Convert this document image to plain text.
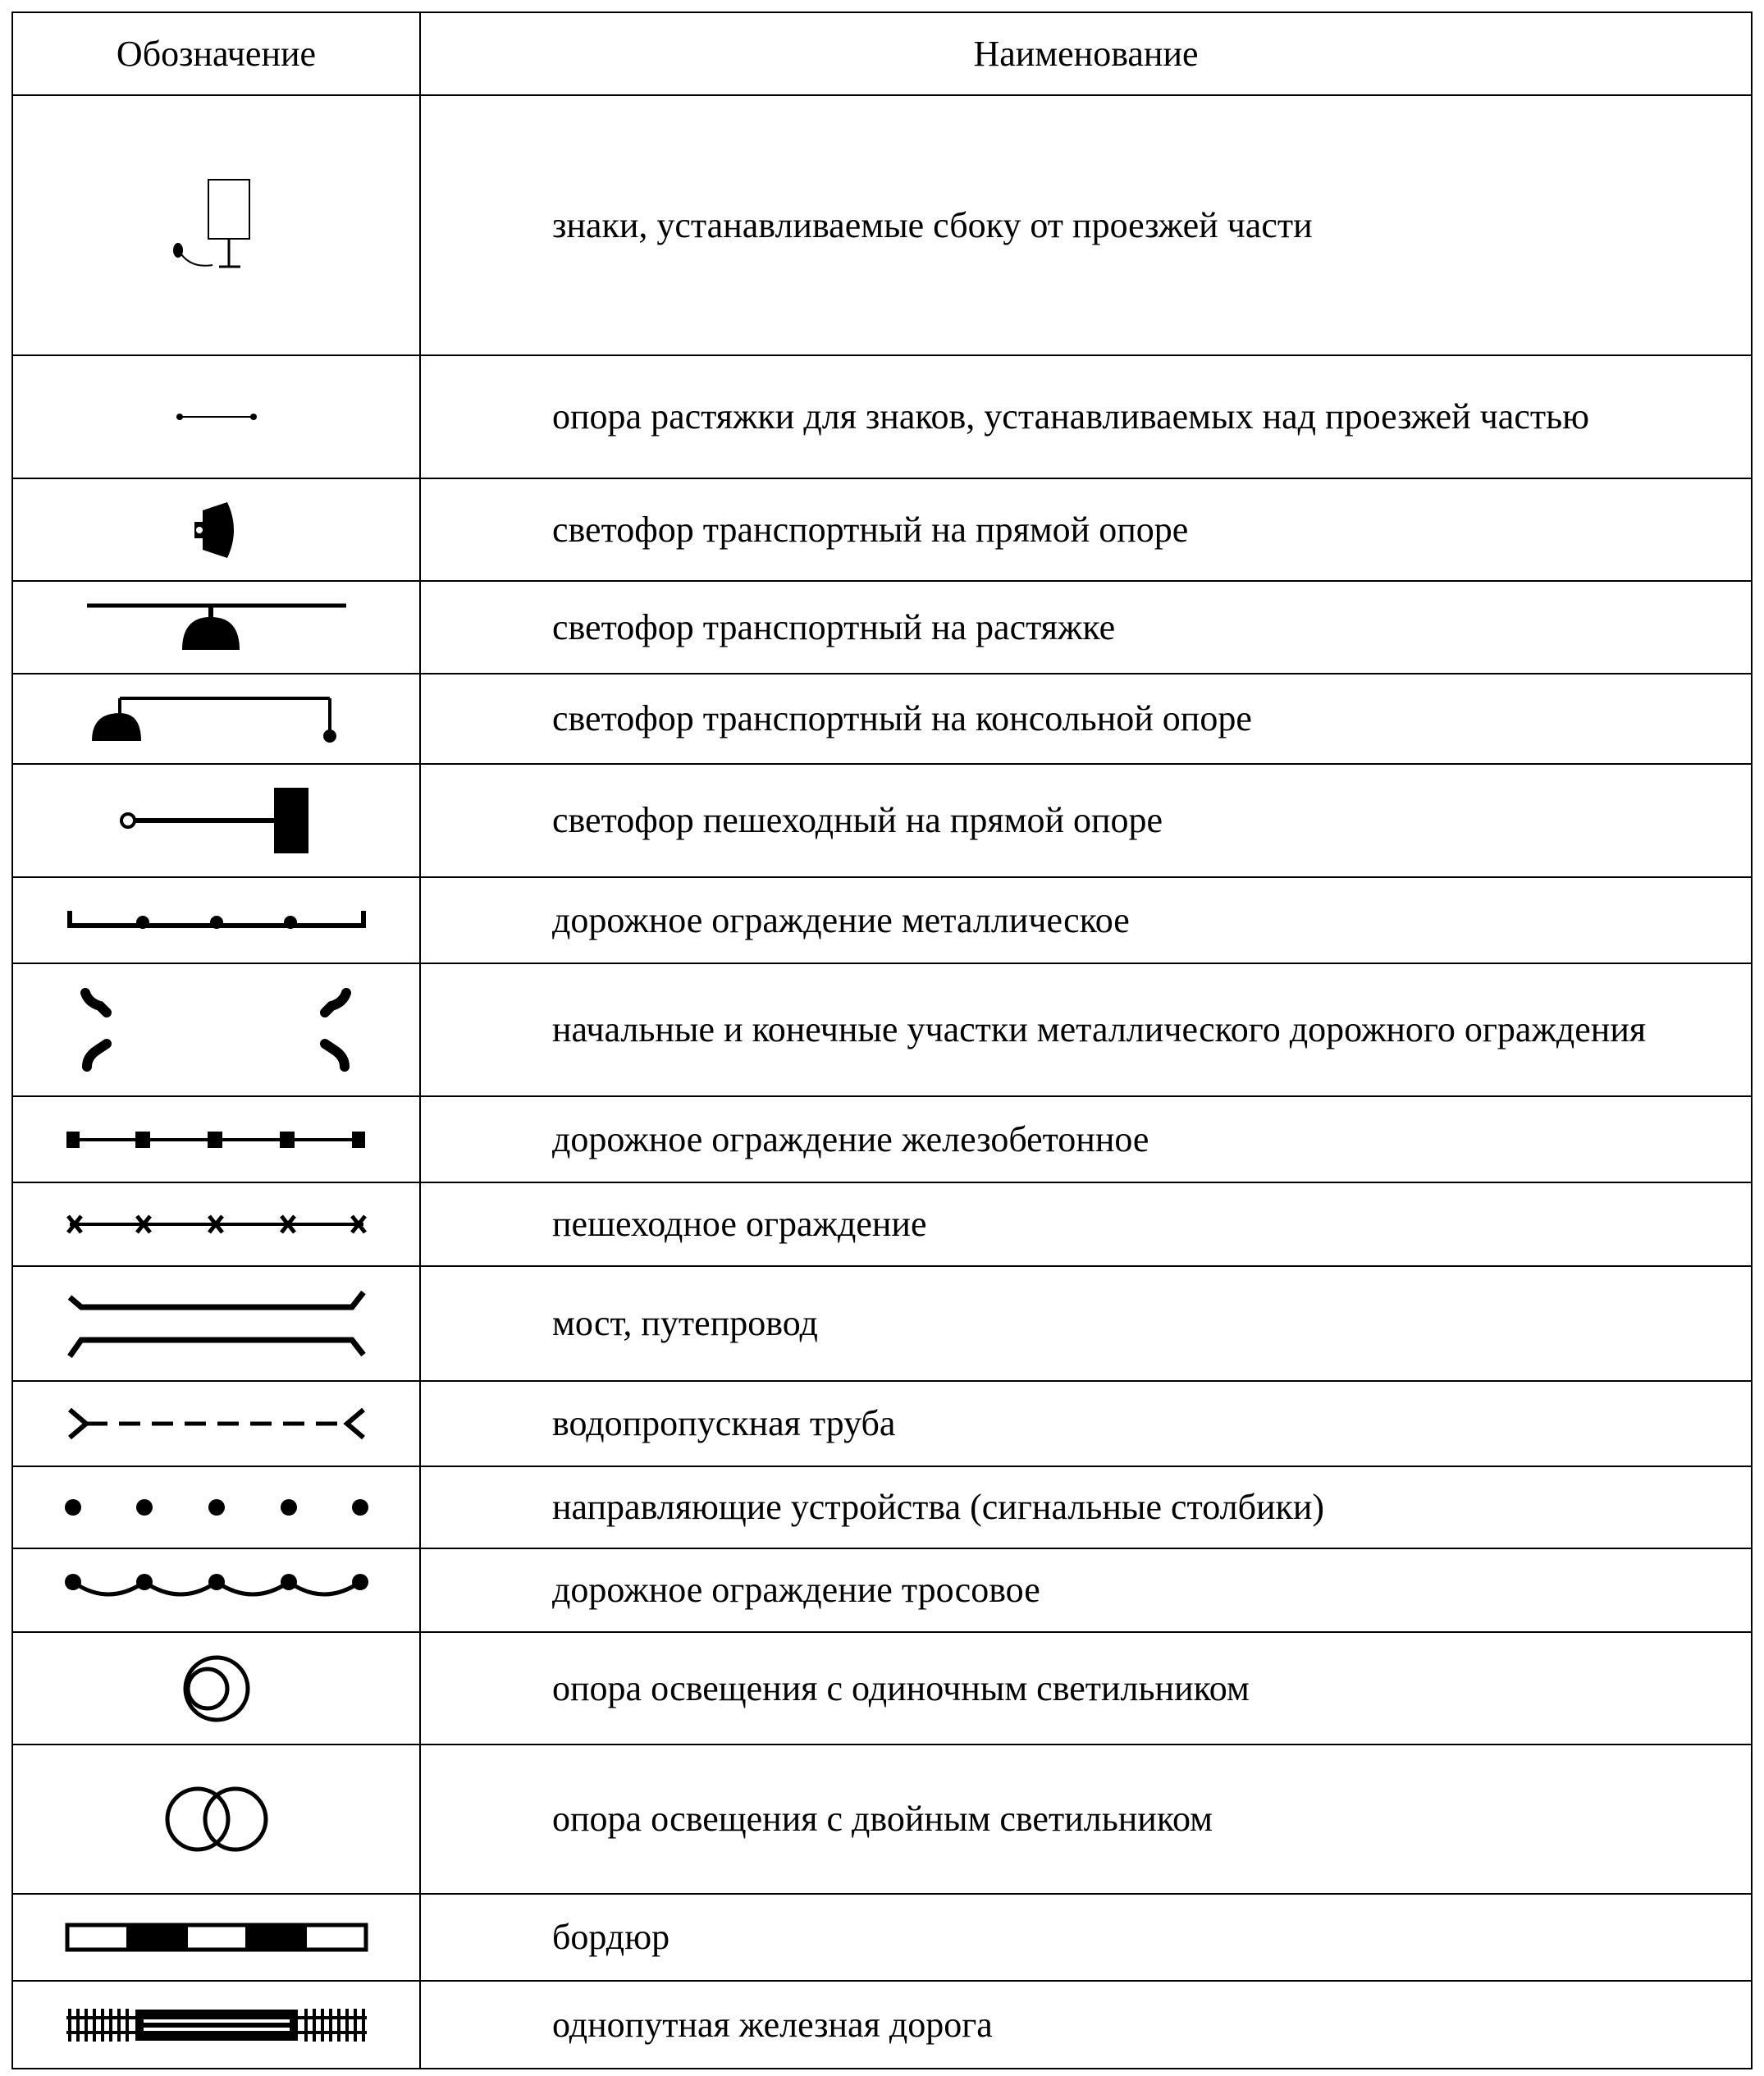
Обозначение	Наименование

	знаки, устанавливаемые сбоку от проезжей части

	опора растяжки для знаков, устанавливаемых над проезжей частью

	светофор транспортный на прямой опоре

	светофор транспортный на растяжке

	светофор транспортный на консольной опоре

	светофор пешеходный на прямой опоре

	дорожное ограждение металлическое

	начальные и конечные участки металлического дорожного ограждения

	дорожное ограждение железобетонное

	пешеходное ограждение

	мост, путепровод

	водопропускная труба

	направляющие устройства (сигнальные столбики)

	дорожное ограждение тросовое

	опора освещения с одиночным светильником

	опора освещения с двойным светильником

	бордюр

	однопутная железная дорога
